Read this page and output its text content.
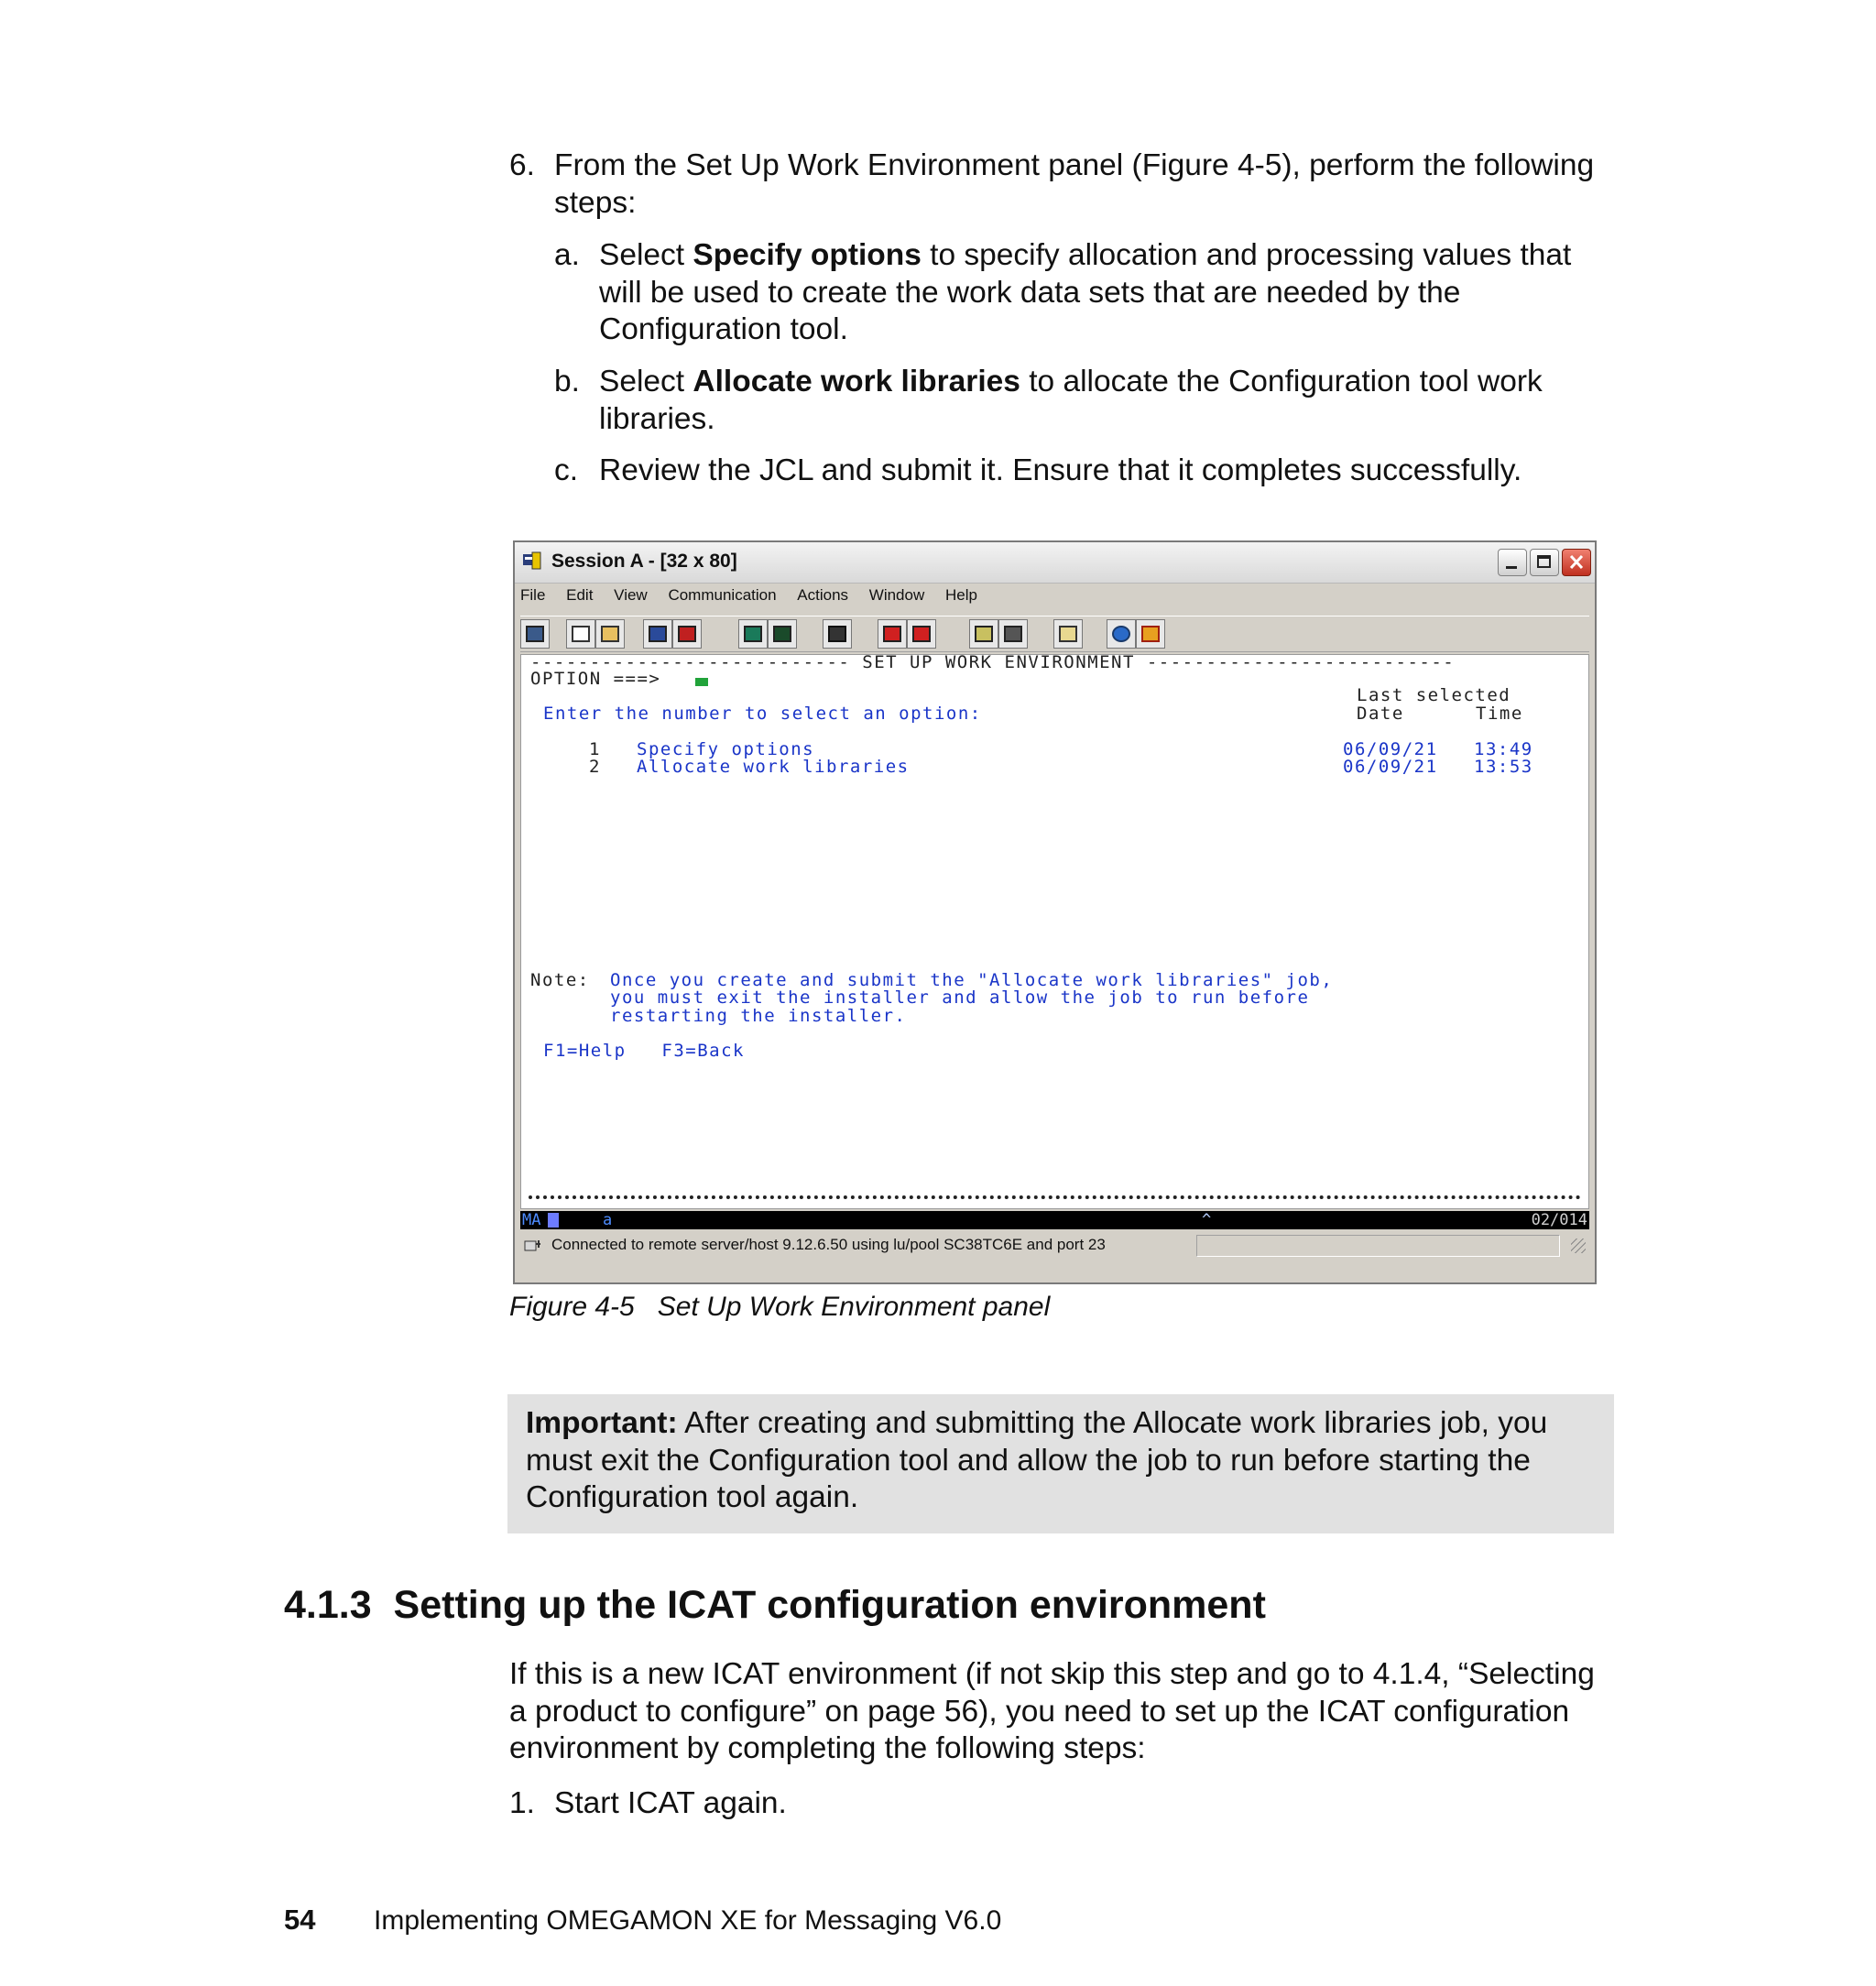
6. From the Set Up Work Environment panel (Figure 4-5), perform the following steps:
a. Select Specify options to specify allocation and processing values that will be used to create the work data sets that are needed by the Configuration tool.
b. Select Allocate work libraries to allocate the Configuration tool work libraries.
c. Review the JCL and submit it. Ensure that it completes successfully.
Session A - [32 x 80]
File Edit View Communication Actions Window Help
--------------------------- SET UP WORK ENVIRONMENT --------------------------
OPTION ===>
Last selected
Enter the number to select an option:	Date	Time
1 Specify options	06/09/21 13:49
2 Allocate work libraries	06/09/21 13:53
Note: Once you create and submit the "Allocate work libraries" job,
you must exit the installer and allow the job to run before
restarting the installer.
F1=Help   F3=Back
MA	a	^	02/014
Connected to remote server/host 9.12.6.50 using lu/pool SC38TC6E and port 23
Figure 4-5   Set Up Work Environment panel
Important: After creating and submitting the Allocate work libraries job, you must exit the Configuration tool and allow the job to run before starting the Configuration tool again.
4.1.3 Setting up the ICAT configuration environment

If this is a new ICAT environment (if not skip this step and go to 4.1.4, “Selecting a product to configure” on page 56), you need to set up the ICAT configuration environment by completing the following steps:

1. Start ICAT again.
54 Implementing OMEGAMON XE for Messaging V6.0
